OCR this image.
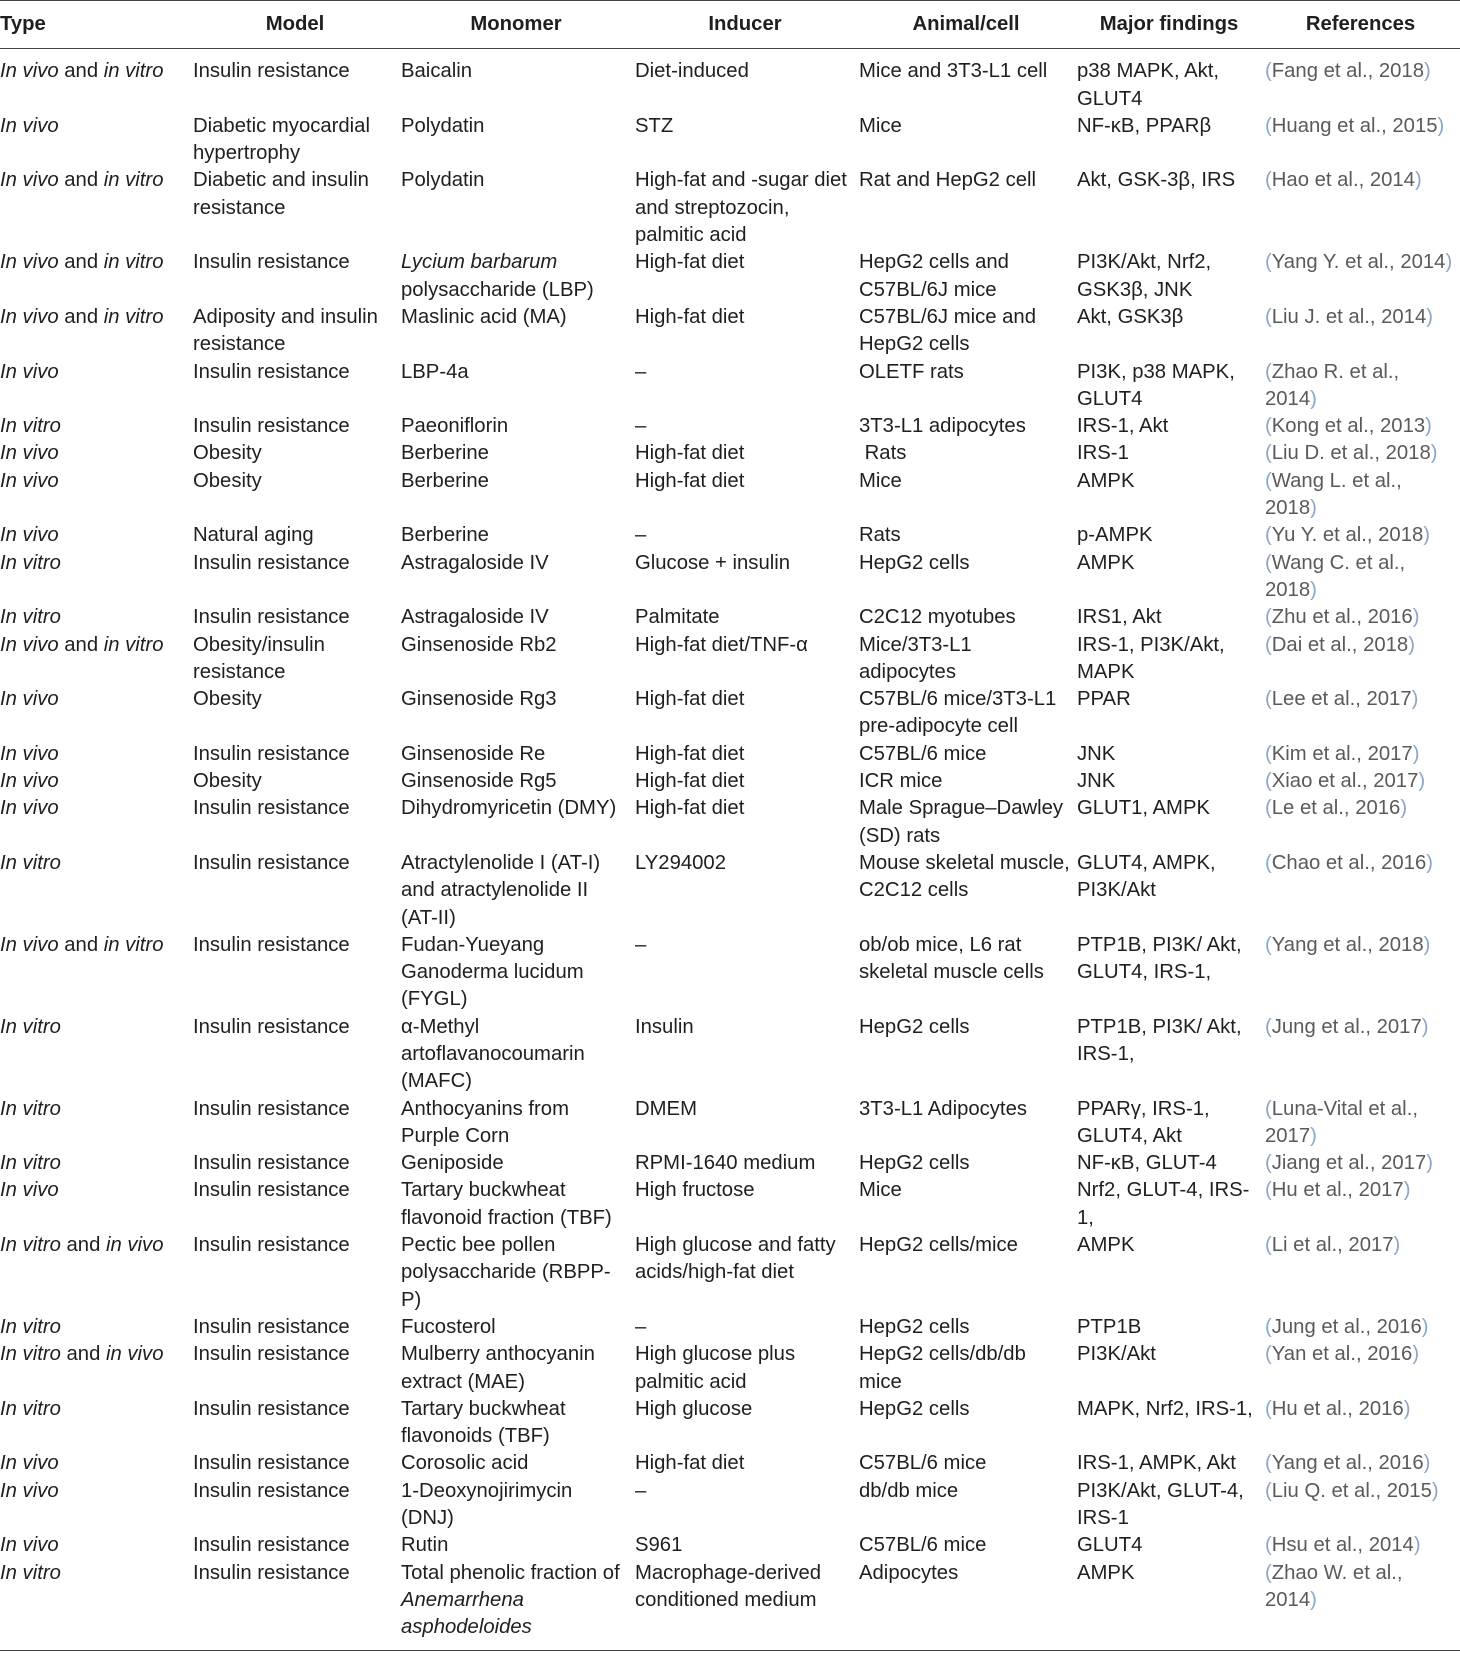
Type	Model	Monomer	Inducer	Animal/cell	Major findings	References
In vivo and in vitro	Insulin resistance	Baicalin	Diet-induced	Mice and 3T3-L1 cell	p38 MAPK, Akt, GLUT4	(Fang et al., 2018)
In vivo	Diabetic myocardial hypertrophy	Polydatin	STZ	Mice	NF-κB, PPARβ	(Huang et al., 2015)
In vivo and in vitro	Diabetic and insulin resistance	Polydatin	High-fat and -sugar diet and streptozocin, palmitic acid	Rat and HepG2 cell	Akt, GSK-3β, IRS	(Hao et al., 2014)
In vivo and in vitro	Insulin resistance	Lycium barbarum polysaccharide (LBP)	High-fat diet	HepG2 cells and C57BL/6J mice	PI3K/Akt, Nrf2, GSK3β, JNK	(Yang Y. et al., 2014)
In vivo and in vitro	Adiposity and insulin resistance	Maslinic acid (MA)	High-fat diet	C57BL/6J mice and HepG2 cells	Akt, GSK3β	(Liu J. et al., 2014)
In vivo	Insulin resistance	LBP-4a	–	OLETF rats	PI3K, p38 MAPK, GLUT4	(Zhao R. et al., 2014)
In vitro	Insulin resistance	Paeoniflorin	–	3T3-L1 adipocytes	IRS-1, Akt	(Kong et al., 2013)
In vivo	Obesity	Berberine	High-fat diet	Rats	IRS-1	(Liu D. et al., 2018)
In vivo	Obesity	Berberine	High-fat diet	Mice	AMPK	(Wang L. et al., 2018)
In vivo	Natural aging	Berberine	–	Rats	p-AMPK	(Yu Y. et al., 2018)
In vitro	Insulin resistance	Astragaloside IV	Glucose + insulin	HepG2 cells	AMPK	(Wang C. et al., 2018)
In vitro	Insulin resistance	Astragaloside IV	Palmitate	C2C12 myotubes	IRS1, Akt	(Zhu et al., 2016)
In vivo and in vitro	Obesity/insulin resistance	Ginsenoside Rb2	High-fat diet/TNF-α	Mice/3T3-L1 adipocytes	IRS-1, PI3K/Akt, MAPK	(Dai et al., 2018)
In vivo	Obesity	Ginsenoside Rg3	High-fat diet	C57BL/6 mice/3T3-L1 pre-adipocyte cell	PPAR	(Lee et al., 2017)
In vivo	Insulin resistance	Ginsenoside Re	High-fat diet	C57BL/6 mice	JNK	(Kim et al., 2017)
In vivo	Obesity	Ginsenoside Rg5	High-fat diet	ICR mice	JNK	(Xiao et al., 2017)
In vivo	Insulin resistance	Dihydromyricetin (DMY)	High-fat diet	Male Sprague–Dawley (SD) rats	GLUT1, AMPK	(Le et al., 2016)
In vitro	Insulin resistance	Atractylenolide I (AT-I) and atractylenolide II (AT-II)	LY294002	Mouse skeletal muscle, C2C12 cells	GLUT4, AMPK, PI3K/Akt	(Chao et al., 2016)
In vivo and in vitro	Insulin resistance	Fudan-Yueyang Ganoderma lucidum (FYGL)	–	ob/ob mice, L6 rat skeletal muscle cells	PTP1B, PI3K/ Akt, GLUT4, IRS-1,	(Yang et al., 2018)
In vitro	Insulin resistance	α-Methyl artoflavanocoumarin (MAFC)	Insulin	HepG2 cells	PTP1B, PI3K/ Akt, IRS-1,	(Jung et al., 2017)
In vitro	Insulin resistance	Anthocyanins from Purple Corn	DMEM	3T3-L1 Adipocytes	PPARγ, IRS-1, GLUT4, Akt	(Luna-Vital et al., 2017)
In vitro	Insulin resistance	Geniposide	RPMI-1640 medium	HepG2 cells	NF-κB, GLUT-4	(Jiang et al., 2017)
In vivo	Insulin resistance	Tartary buckwheat flavonoid fraction (TBF)	High fructose	Mice	Nrf2, GLUT-4, IRS-1,	(Hu et al., 2017)
In vitro and in vivo	Insulin resistance	Pectic bee pollen polysaccharide (RBPP-P)	High glucose and fatty acids/high-fat diet	HepG2 cells/mice	AMPK	(Li et al., 2017)
In vitro	Insulin resistance	Fucosterol	–	HepG2 cells	PTP1B	(Jung et al., 2016)
In vitro and in vivo	Insulin resistance	Mulberry anthocyanin extract (MAE)	High glucose plus palmitic acid	HepG2 cells/db/db mice	PI3K/Akt	(Yan et al., 2016)
In vitro	Insulin resistance	Tartary buckwheat flavonoids (TBF)	High glucose	HepG2 cells	MAPK, Nrf2, IRS-1,	(Hu et al., 2016)
In vivo	Insulin resistance	Corosolic acid	High-fat diet	C57BL/6 mice	IRS-1, AMPK, Akt	(Yang et al., 2016)
In vivo	Insulin resistance	1-Deoxynojirimycin (DNJ)	–	db/db mice	PI3K/Akt, GLUT-4, IRS-1	(Liu Q. et al., 2015)
In vivo	Insulin resistance	Rutin	S961	C57BL/6 mice	GLUT4	(Hsu et al., 2014)
In vitro	Insulin resistance	Total phenolic fraction of Anemarrhena asphodeloides	Macrophage-derived conditioned medium	Adipocytes	AMPK	(Zhao W. et al., 2014)
